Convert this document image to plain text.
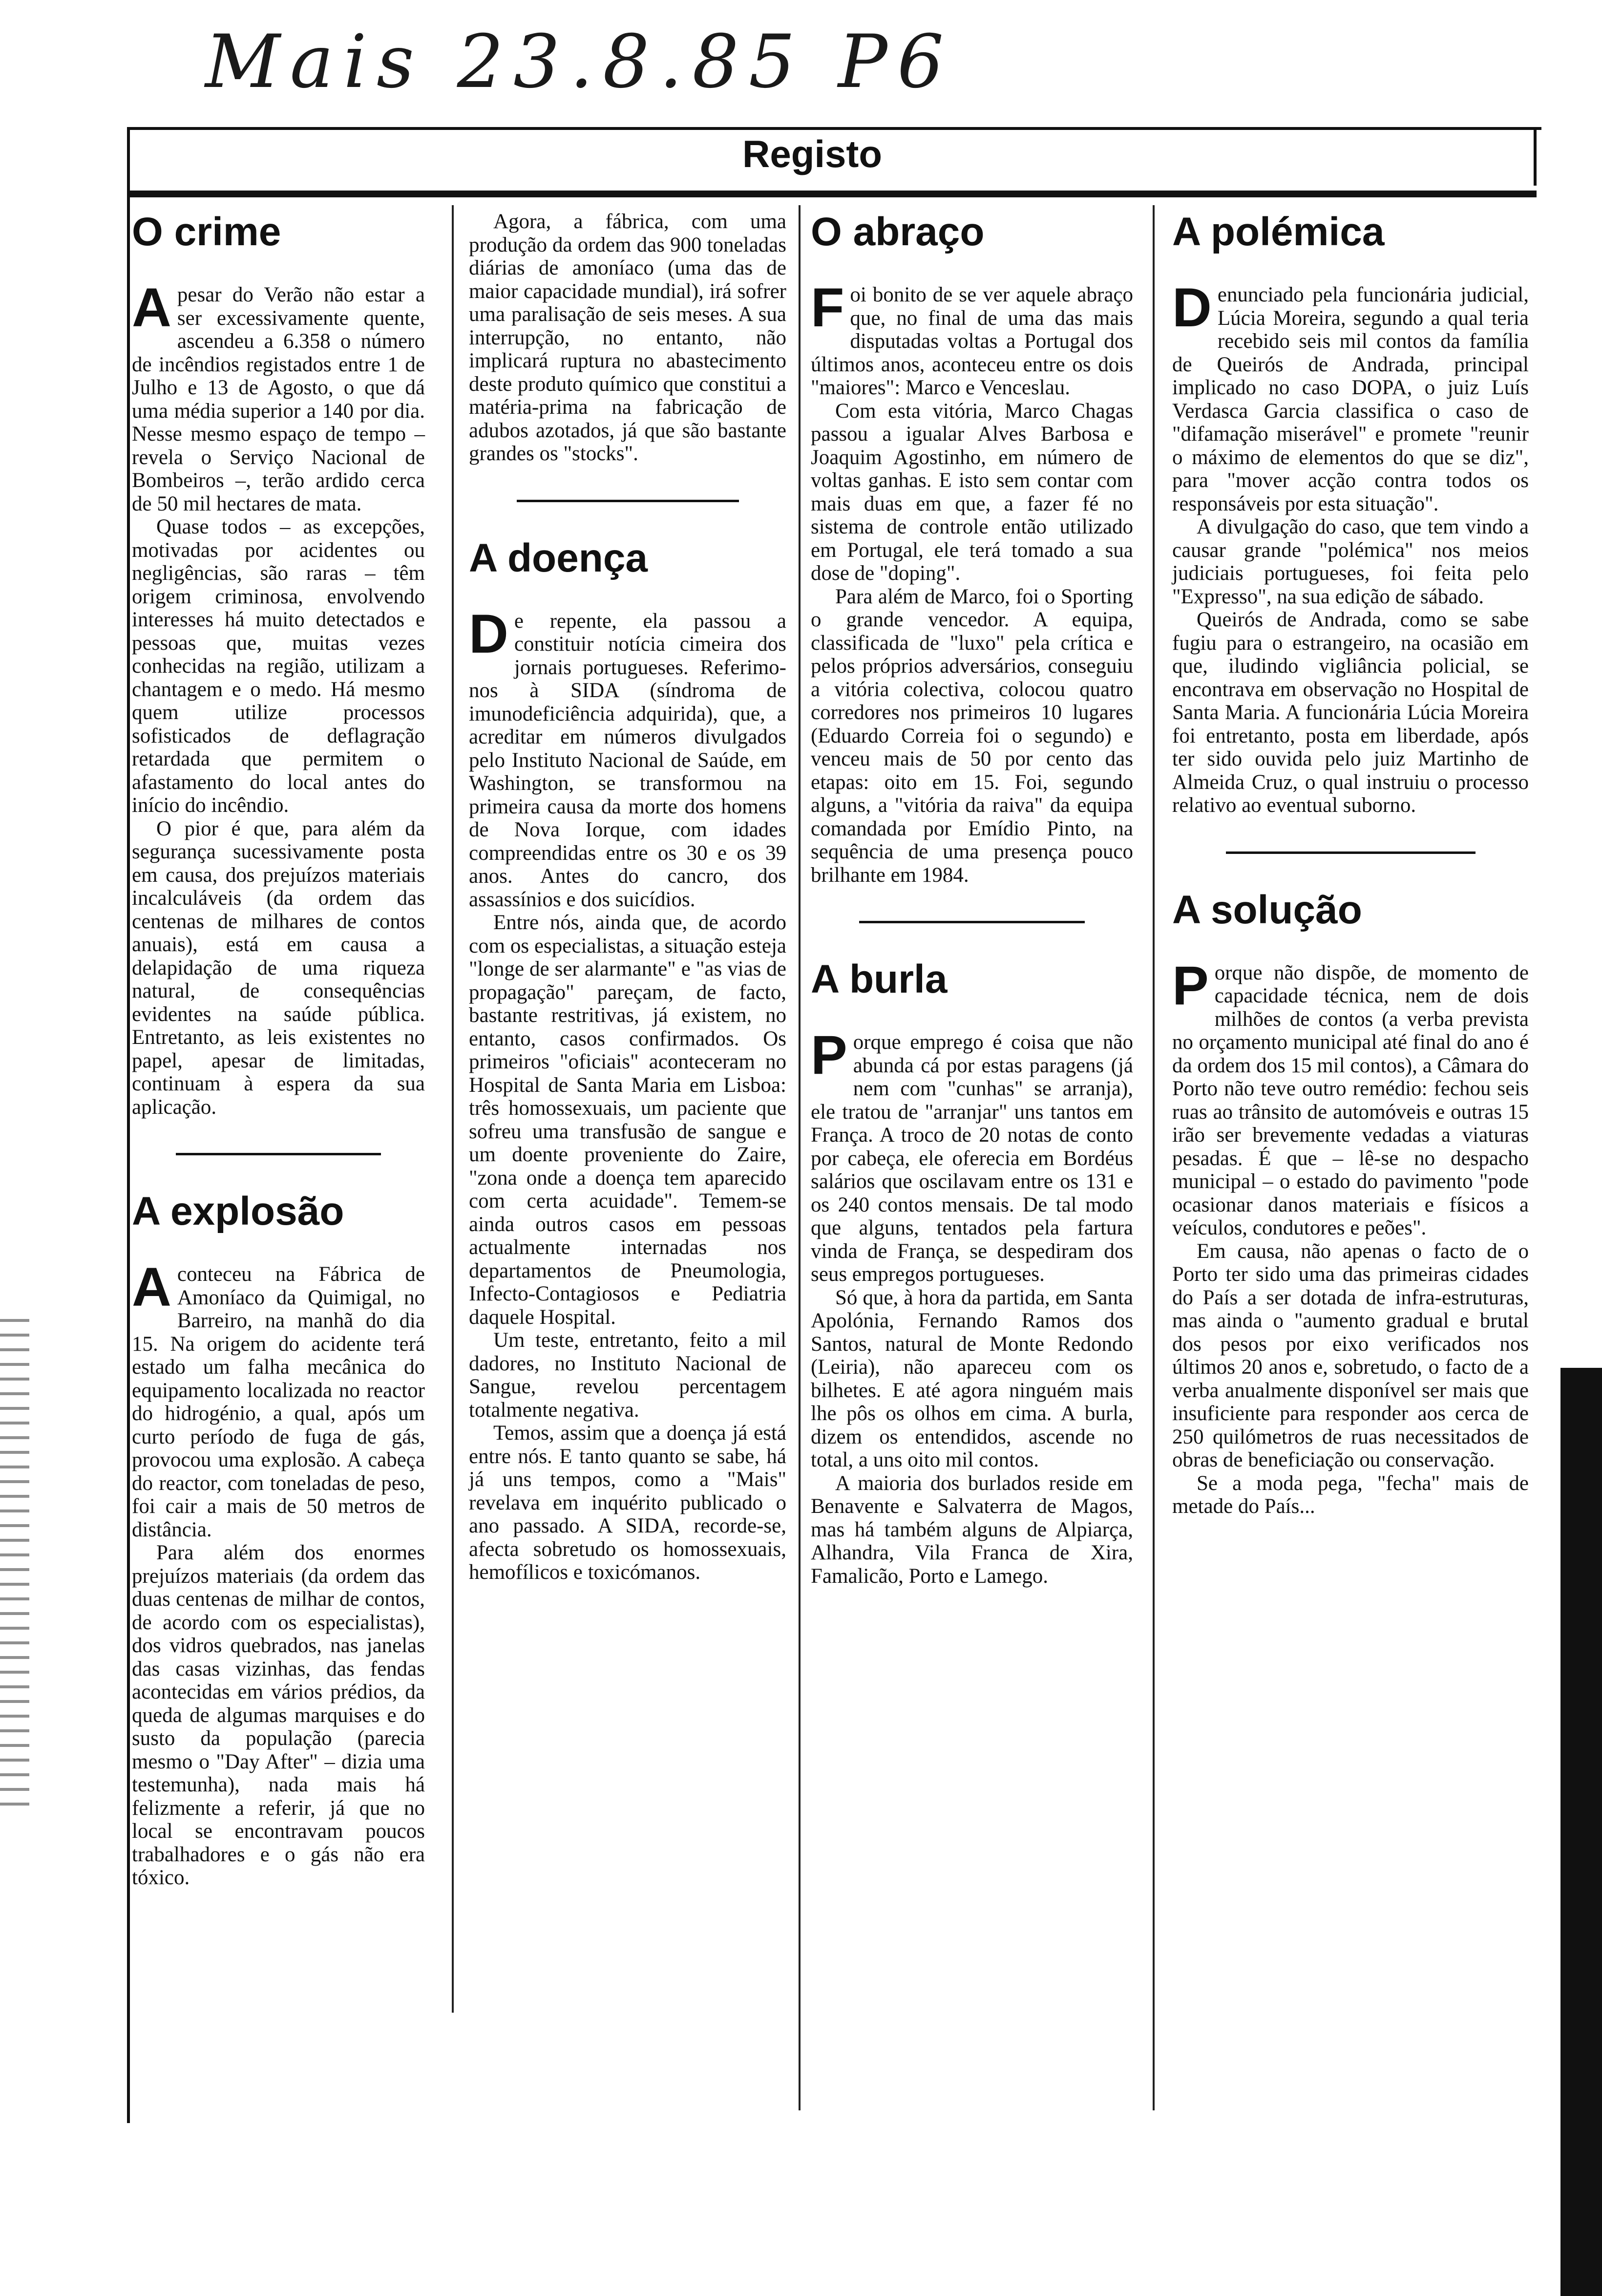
Mais 23.8.85 P6
Registo
O crime

Apesar do Verão não estar a ser excessivamente quente, ascendeu a 6.358 o número de incêndios registados entre 1 de Julho e 13 de Agosto, o que dá uma média superior a 140 por dia. Nesse mesmo espaço de tempo – revela o Serviço Nacional de Bombeiros –, terão ardido cerca de 50 mil hectares de mata.

Quase todos – as excepções, motivadas por acidentes ou negligências, são raras – têm origem criminosa, envolvendo interesses há muito detectados e pessoas que, muitas vezes conhecidas na região, utilizam a chantagem e o medo. Há mesmo quem utilize processos sofisticados de deflagração retardada que permitem o afastamento do local antes do início do incêndio.

O pior é que, para além da segurança sucessivamente posta em causa, dos prejuízos materiais incalculáveis (da ordem das centenas de milhares de contos anuais), está em causa a delapidação de uma riqueza natural, de consequências evidentes na saúde pública. Entretanto, as leis existentes no papel, apesar de limitadas, continuam à espera da sua aplicação.

A explosão

Aconteceu na Fábrica de Amoníaco da Quimigal, no Barreiro, na manhã do dia 15. Na origem do acidente terá estado um falha mecânica do equipamento localizada no reactor do hidrogénio, a qual, após um curto período de fuga de gás, provocou uma explosão. A cabeça do reactor, com toneladas de peso, foi cair a mais de 50 metros de distância.

Para além dos enormes prejuízos materiais (da ordem das duas centenas de milhar de contos, de acordo com os especialistas), dos vidros quebrados, nas janelas das casas vizinhas, das fendas acontecidas em vários prédios, da queda de algumas marquises e do susto da população (parecia mesmo o "Day After" – dizia uma testemunha), nada mais há felizmente a referir, já que no local se encontravam poucos trabalhadores e o gás não era tóxico.

Agora, a fábrica, com uma produção da ordem das 900 toneladas diárias de amoníaco (uma das de maior capacidade mundial), irá sofrer uma paralisação de seis meses. A sua interrupção, no entanto, não implicará ruptura no abastecimento deste produto químico que constitui a matéria-prima na fabricação de adubos azotados, já que são bastante grandes os "stocks".

A doença

De repente, ela passou a constituir notícia cimeira dos jornais portugueses. Referimo-nos à SIDA (síndroma de imunodeficiência adquirida), que, a acreditar em números divulgados pelo Instituto Nacional de Saúde, em Washington, se transformou na primeira causa da morte dos homens de Nova Iorque, com idades compreendidas entre os 30 e os 39 anos. Antes do cancro, dos assassínios e dos suicídios.

Entre nós, ainda que, de acordo com os especialistas, a situação esteja "longe de ser alarmante" e "as vias de propagação" pareçam, de facto, bastante restritivas, já existem, no entanto, casos confirmados. Os primeiros "oficiais" aconteceram no Hospital de Santa Maria em Lisboa: três homossexuais, um paciente que sofreu uma transfusão de sangue e um doente proveniente do Zaire, "zona onde a doença tem aparecido com certa acuidade". Temem-se ainda outros casos em pessoas actualmente internadas nos departamentos de Pneumologia, Infecto-Contagiosos e Pediatria daquele Hospital.

Um teste, entretanto, feito a mil dadores, no Instituto Nacional de Sangue, revelou percentagem totalmente negativa.

Temos, assim que a doença já está entre nós. E tanto quanto se sabe, há já uns tempos, como a "Mais" revelava em inquérito publicado o ano passado. A SIDA, recorde-se, afecta sobretudo os homossexuais, hemofílicos e toxicómanos.

O abraço

Foi bonito de se ver aquele abraço que, no final de uma das mais disputadas voltas a Portugal dos últimos anos, aconteceu entre os dois "maiores": Marco e Venceslau.

Com esta vitória, Marco Chagas passou a igualar Alves Barbosa e Joaquim Agostinho, em número de voltas ganhas. E isto sem contar com mais duas em que, a fazer fé no sistema de controle então utilizado em Portugal, ele terá tomado a sua dose de "doping".

Para além de Marco, foi o Sporting o grande vencedor. A equipa, classificada de "luxo" pela crítica e pelos próprios adversários, conseguiu a vitória colectiva, colocou quatro corredores nos primeiros 10 lugares (Eduardo Correia foi o segundo) e venceu mais de 50 por cento das etapas: oito em 15. Foi, segundo alguns, a "vitória da raiva" da equipa comandada por Emídio Pinto, na sequência de uma presença pouco brilhante em 1984.

A burla

Porque emprego é coisa que não abunda cá por estas paragens (já nem com "cunhas" se arranja), ele tratou de "arranjar" uns tantos em França. A troco de 20 notas de conto por cabeça, ele oferecia em Bordéus salários que oscilavam entre os 131 e os 240 contos mensais. De tal modo que alguns, tentados pela fartura vinda de França, se despediram dos seus empregos portugueses.

Só que, à hora da partida, em Santa Apolónia, Fernando Ramos dos Santos, natural de Monte Redondo (Leiria), não apareceu com os bilhetes. E até agora ninguém mais lhe pôs os olhos em cima. A burla, dizem os entendidos, ascende no total, a uns oito mil contos.

A maioria dos burlados reside em Benavente e Salvaterra de Magos, mas há também alguns de Alpiarça, Alhandra, Vila Franca de Xira, Famalicão, Porto e Lamego.

A polémica

Denunciado pela funcionária judicial, Lúcia Moreira, segundo a qual teria recebido seis mil contos da família de Queirós de Andrada, principal implicado no caso DOPA, o juiz Luís Verdasca Garcia classifica o caso de "difamação miserável" e promete "reunir o máximo de elementos do que se diz", para "mover acção contra todos os responsáveis por esta situação".

A divulgação do caso, que tem vindo a causar grande "polémica" nos meios judiciais portugueses, foi feita pelo "Expresso", na sua edição de sábado.

Queirós de Andrada, como se sabe fugiu para o estrangeiro, na ocasião em que, iludindo vigliância policial, se encontrava em observação no Hospital de Santa Maria. A funcionária Lúcia Moreira foi entretanto, posta em liberdade, após ter sido ouvida pelo juiz Martinho de Almeida Cruz, o qual instruiu o processo relativo ao eventual suborno.

A solução

Porque não dispõe, de momento de capacidade técnica, nem de dois milhões de contos (a verba prevista no orçamento municipal até final do ano é da ordem dos 15 mil contos), a Câmara do Porto não teve outro remédio: fechou seis ruas ao trânsito de automóveis e outras 15 irão ser brevemente vedadas a viaturas pesadas. É que – lê-se no despacho municipal – o estado do pavimento "pode ocasionar danos materiais e físicos a veículos, condutores e peões".

Em causa, não apenas o facto de o Porto ter sido uma das primeiras cidades do País a ser dotada de infra-estruturas, mas ainda o "aumento gradual e brutal dos pesos por eixo verificados nos últimos 20 anos e, sobretudo, o facto de a verba anualmente disponível ser mais que insuficiente para responder aos cerca de 250 quilómetros de ruas necessitados de obras de beneficiação ou conservação.

Se a moda pega, "fecha" mais de metade do País...
